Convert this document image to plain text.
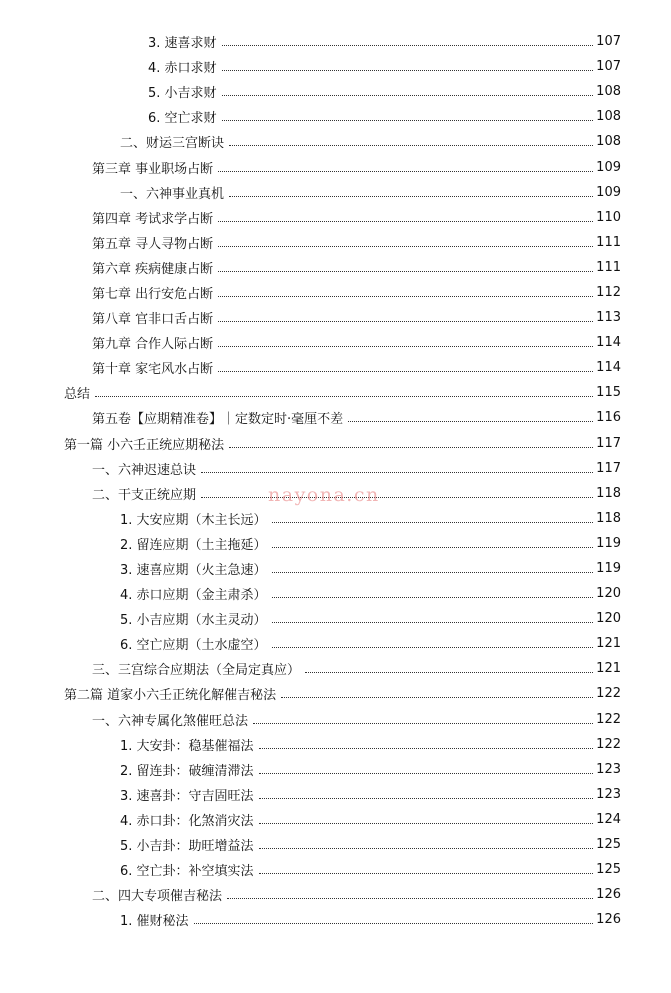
3. 速喜求财	107
4. 赤口求财	107
5. 小吉求财	108
6. 空亡求财	108
二、财运三宫断诀	108
第三章 事业职场占断	109
一、六神事业真机	109
第四章 考试求学占断	110
第五章 寻人寻物占断	111
第六章 疾病健康占断	111
第七章 出行安危占断	112
第八章 官非口舌占断	113
第九章 合作人际占断	114
第十章 家宅风水占断	114
总结	115
第五卷【应期精准卷】｜定数定时·毫厘不差	116
第一篇 小六壬正统应期秘法	117
一、六神迟速总诀	117
二、干支正统应期	118
1. 大安应期（木主长远）	118
2. 留连应期（土主拖延）	119
3. 速喜应期（火主急速）	119
4. 赤口应期（金主肃杀）	120
5. 小吉应期（水主灵动）	120
6. 空亡应期（土水虚空）	121
三、三宫综合应期法（全局定真应）	121
第二篇 道家小六壬正统化解催吉秘法	122
一、六神专属化煞催旺总法	122
1. 大安卦：稳基催福法	122
2. 留连卦：破缠清滞法	123
3. 速喜卦：守吉固旺法	123
4. 赤口卦：化煞消灾法	124
5. 小吉卦：助旺增益法	125
6. 空亡卦：补空填实法	125
二、四大专项催吉秘法	126
1. 催财秘法	126
nayona.cn
